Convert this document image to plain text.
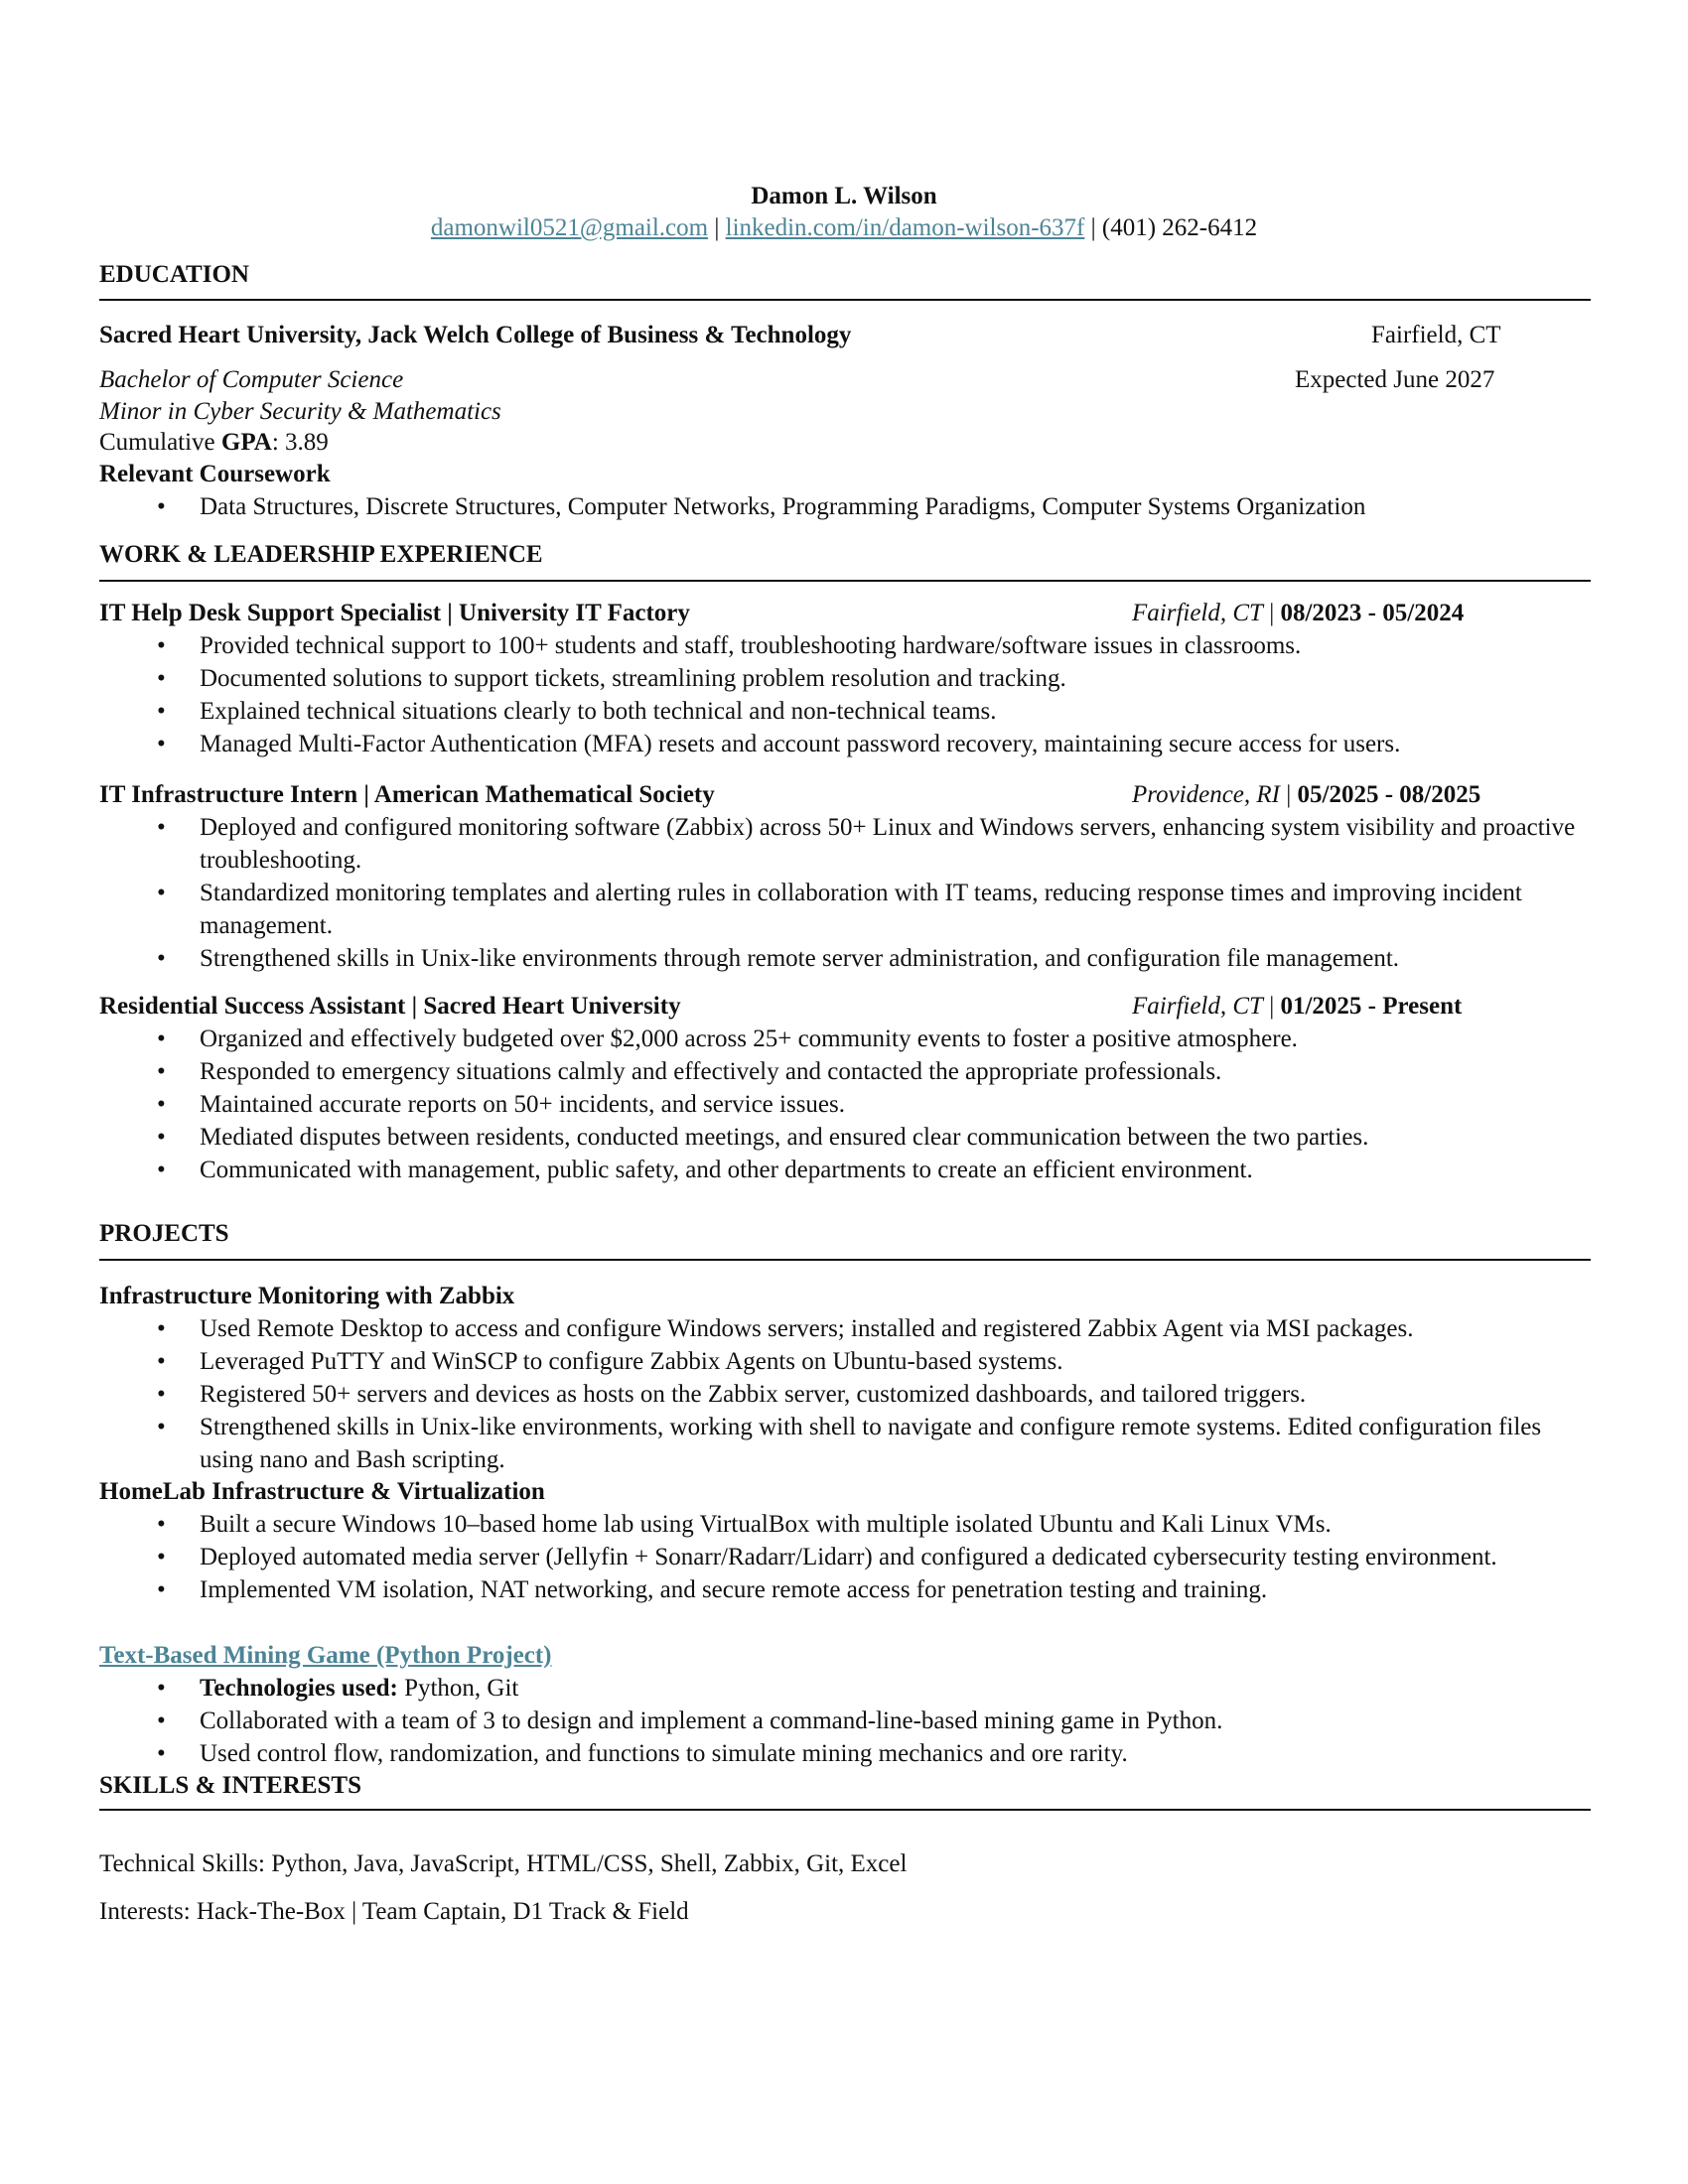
Damon L. Wilson
damonwil0521@gmail.com | linkedin.com/in/damon-wilson-637f | (401) 262-6412
EDUCATION
Sacred Heart University, Jack Welch College of Business & Technology	Fairfield, CT
Bachelor of Computer Science	Expected June 2027
Minor in Cyber Security & Mathematics
Cumulative GPA: 3.89
Relevant Coursework
• Data Structures, Discrete Structures, Computer Networks, Programming Paradigms, Computer Systems Organization
WORK & LEADERSHIP EXPERIENCE
IT Help Desk Support Specialist | University IT Factory	Fairfield, CT | 08/2023 - 05/2024
• Provided technical support to 100+ students and staff, troubleshooting hardware/software issues in classrooms.
• Documented solutions to support tickets, streamlining problem resolution and tracking.
• Explained technical situations clearly to both technical and non-technical teams.
• Managed Multi-Factor Authentication (MFA) resets and account password recovery, maintaining secure access for users.
IT Infrastructure Intern | American Mathematical Society	Providence, RI | 05/2025 - 08/2025
• Deployed and configured monitoring software (Zabbix) across 50+ Linux and Windows servers, enhancing system visibility and proactive troubleshooting.
• Standardized monitoring templates and alerting rules in collaboration with IT teams, reducing response times and improving incident management.
• Strengthened skills in Unix-like environments through remote server administration, and configuration file management.
Residential Success Assistant | Sacred Heart University	Fairfield, CT | 01/2025 - Present
• Organized and effectively budgeted over $2,000 across 25+ community events to foster a positive atmosphere.
• Responded to emergency situations calmly and effectively and contacted the appropriate professionals.
• Maintained accurate reports on 50+ incidents, and service issues.
• Mediated disputes between residents, conducted meetings, and ensured clear communication between the two parties.
• Communicated with management, public safety, and other departments to create an efficient environment.
PROJECTS
Infrastructure Monitoring with Zabbix
• Used Remote Desktop to access and configure Windows servers; installed and registered Zabbix Agent via MSI packages.
• Leveraged PuTTY and WinSCP to configure Zabbix Agents on Ubuntu-based systems.
• Registered 50+ servers and devices as hosts on the Zabbix server, customized dashboards, and tailored triggers.
• Strengthened skills in Unix-like environments, working with shell to navigate and configure remote systems. Edited configuration files using nano and Bash scripting.
HomeLab Infrastructure & Virtualization
• Built a secure Windows 10–based home lab using VirtualBox with multiple isolated Ubuntu and Kali Linux VMs.
• Deployed automated media server (Jellyfin + Sonarr/Radarr/Lidarr) and configured a dedicated cybersecurity testing environment.
• Implemented VM isolation, NAT networking, and secure remote access for penetration testing and training.
Text-Based Mining Game (Python Project)
• Technologies used: Python, Git
• Collaborated with a team of 3 to design and implement a command-line-based mining game in Python.
• Used control flow, randomization, and functions to simulate mining mechanics and ore rarity.
SKILLS & INTERESTS
Technical Skills: Python, Java, JavaScript, HTML/CSS, Shell, Zabbix, Git, Excel
Interests: Hack-The-Box | Team Captain, D1 Track & Field
